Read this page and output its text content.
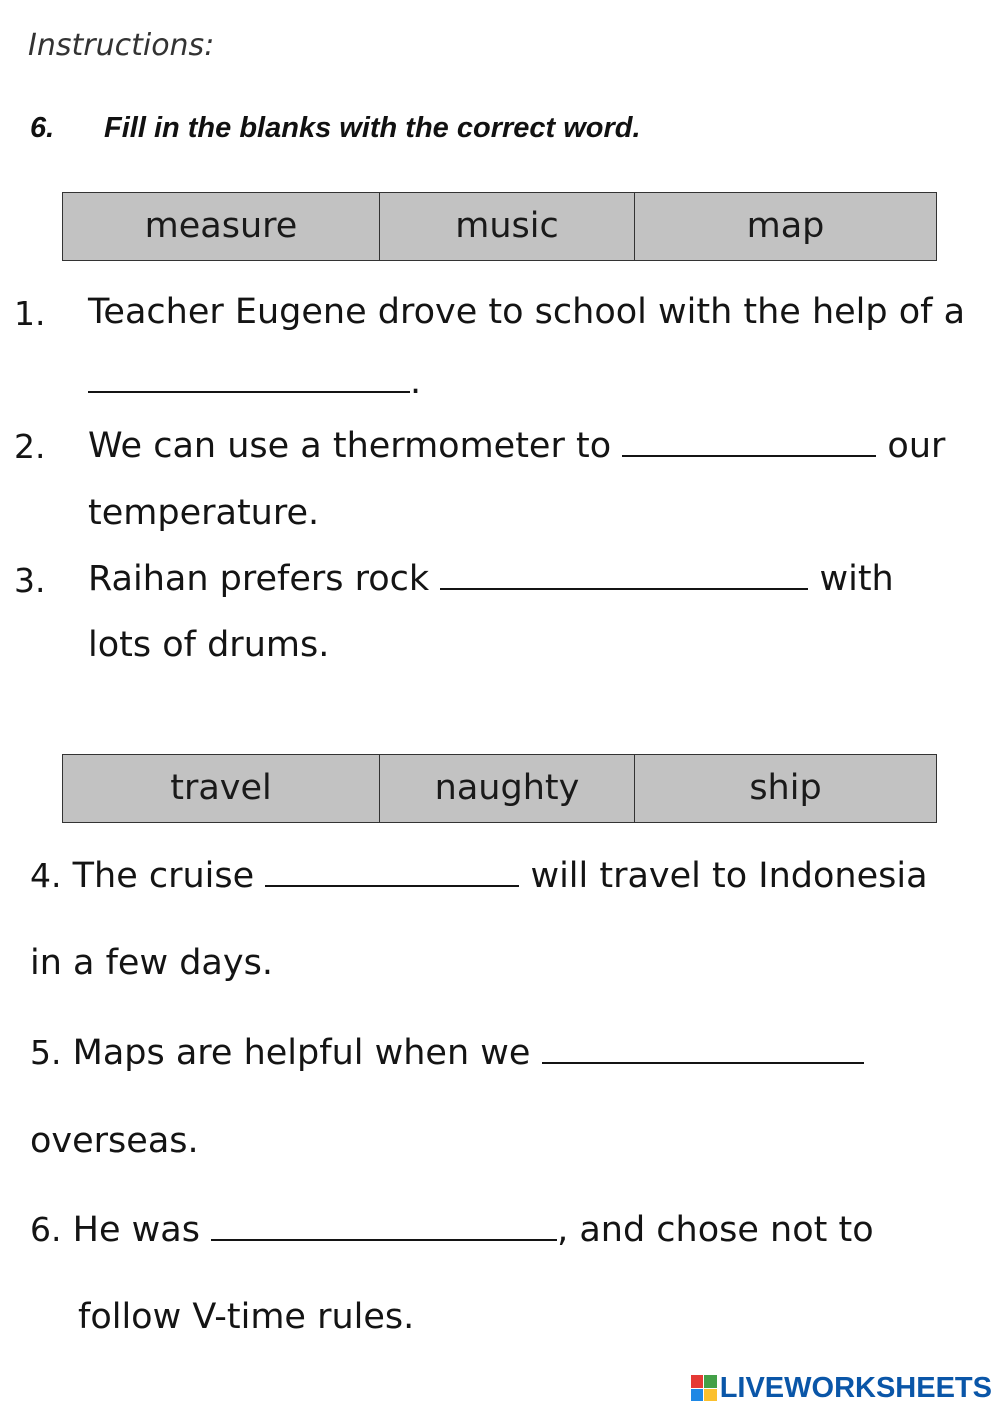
Instructions:
6. Fill in the blanks with the correct word.
measure	music	map
1. Teacher Eugene drove to school with the help of a
.
2. We can use a thermometer to	our
temperature.
3. Raihan prefers rock	with
lots of drums.
travel	naughty	ship
4. The cruise	will travel to Indonesia
in a few days.
5. Maps are helpful when we
overseas.
6. He was	, and chose not to
follow V-time rules.
LIVEWORKSHEETS
